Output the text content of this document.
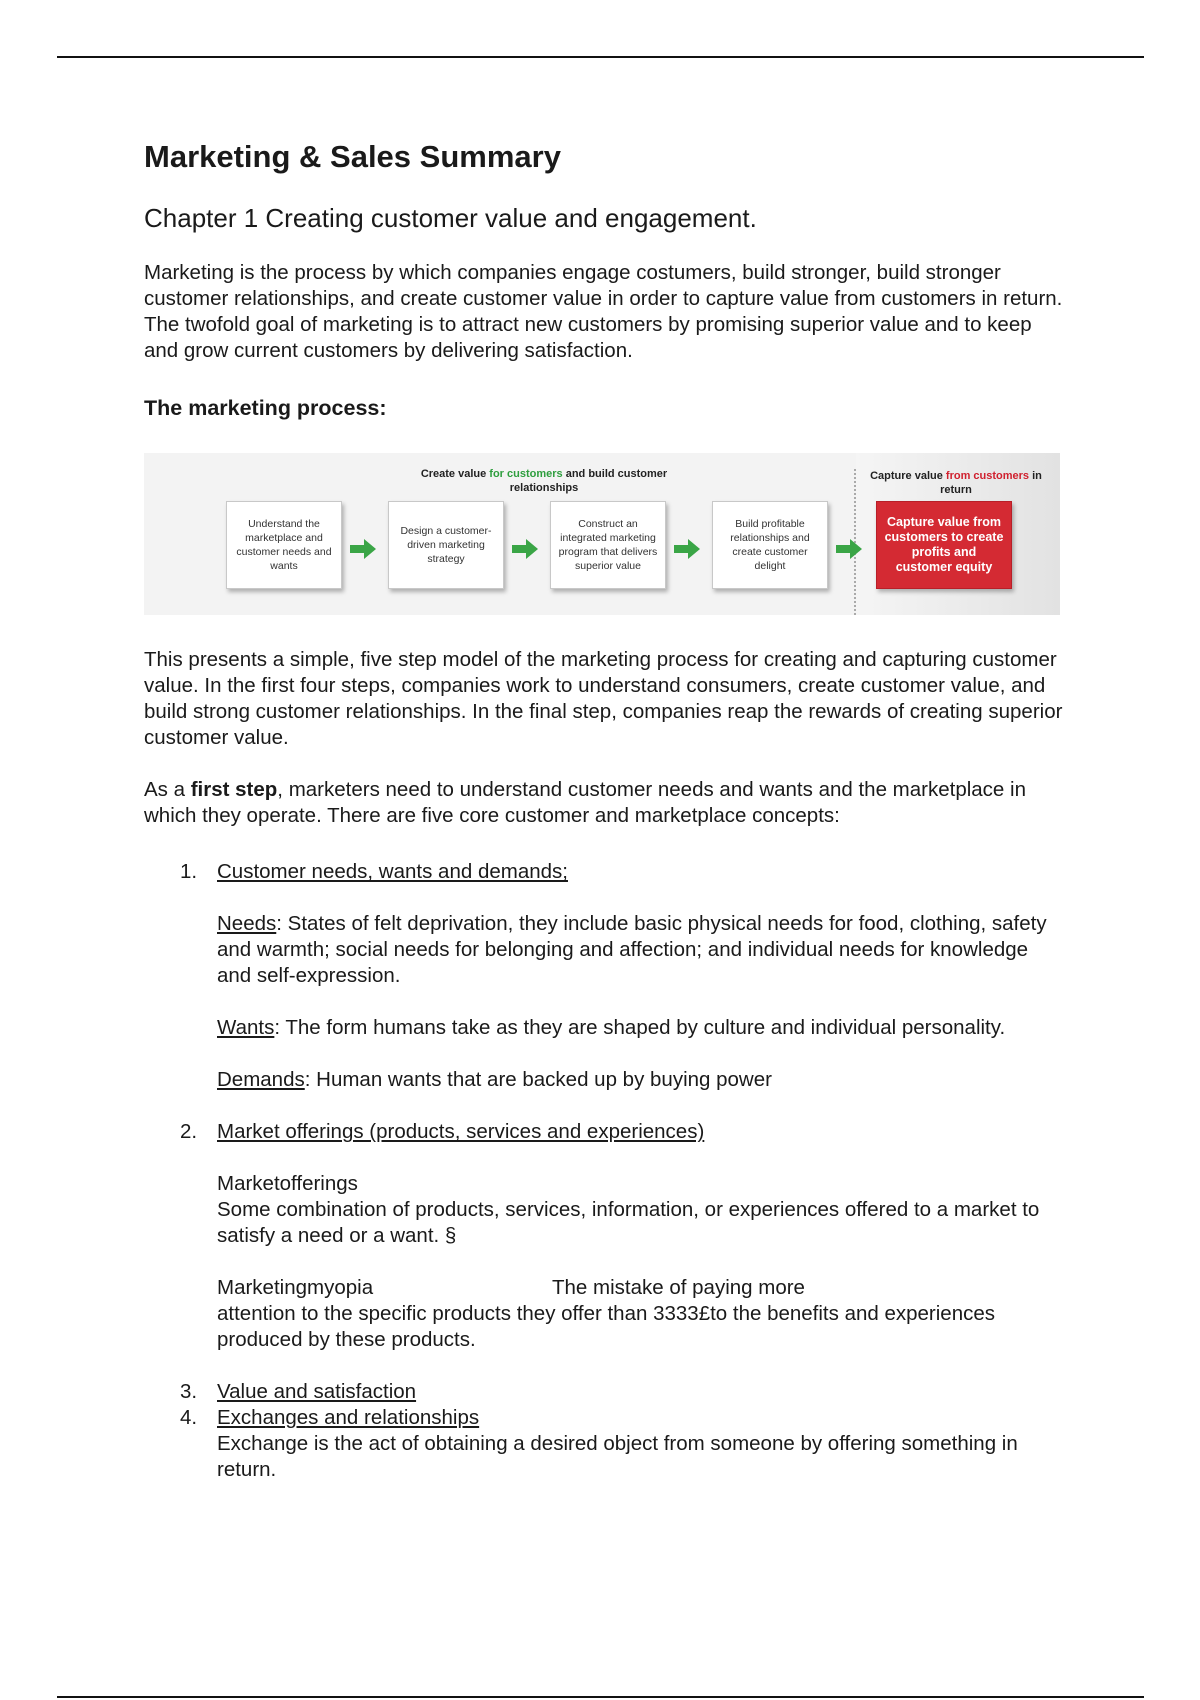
Marketing & Sales Summary
Chapter 1 Creating customer value and engagement.

Marketing is the process by which companies engage costumers, build stronger, build stronger customer relationships, and create customer value in order to capture value from customers in return. The twofold goal of marketing is to attract new customers by promising superior value and to keep and grow current customers by delivering satisfaction.

The marketing process:

Create value for customers and build customer relationships
Capture value from customers in return
Understand the marketplace and customer needs and wants
Design a customer-driven marketing strategy
Construct an integrated marketing program that delivers superior value
Build profitable relationships and create customer delight
Capture value from customers to create profits and customer equity

This presents a simple, five step model of the marketing process for creating and capturing customer value. In the first four steps, companies work to understand consumers, create customer value, and build strong customer relationships. In the final step, companies reap the rewards of creating superior customer value.

As a first step, marketers need to understand customer needs and wants and the marketplace in which they operate. There are five core customer and marketplace concepts:

1. Customer needs, wants and demands;
Needs: States of felt deprivation, they include basic physical needs for food, clothing, safety and warmth; social needs for belonging and affection; and individual needs for knowledge and self-expression.
Wants: The form humans take as they are shaped by culture and individual personality.
Demands: Human wants that are backed up by buying power
2. Market offerings (products, services and experiences)
Marketofferings
Some combination of products, services, information, or experiences offered to a market to satisfy a need or a want. §
Marketingmyopia	The mistake of paying more
attention to the specific products they offer than 3333£to the benefits and experiences produced by these products.
3. Value and satisfaction
4. Exchanges and relationships
Exchange is the act of obtaining a desired object from someone by offering something in return.
